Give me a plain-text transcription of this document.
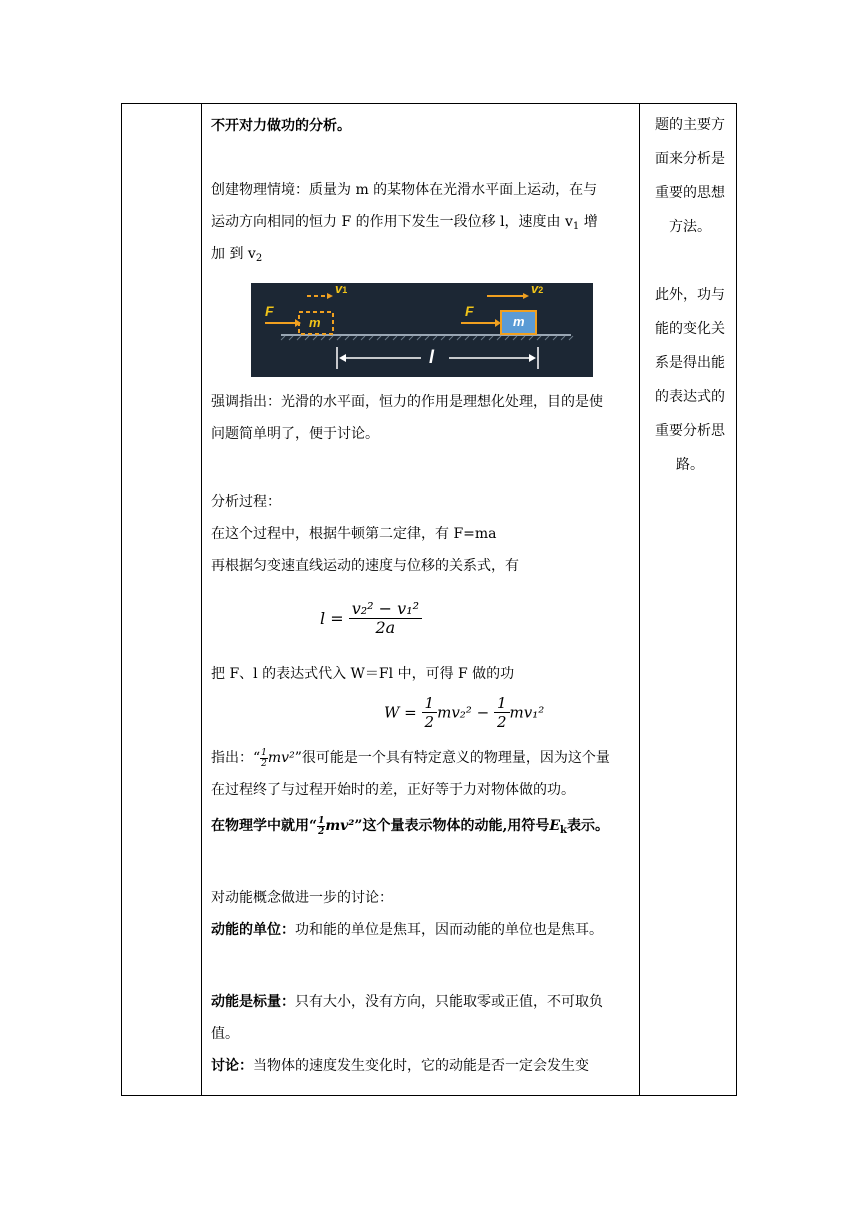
不开对力做功的分析。
创建物理情境：质量为 m 的某物体在光滑水平面上运动，在与
运动方向相同的恒力 F 的作用下发生一段位移 l，速度由 $v_1$ 增
加 到 $v_2$
F
m
v1
F
m
v2
l
强调指出：光滑的水平面，恒力的作用是理想化处理，目的是使
问题简单明了，便于讨论。
分析过程：
在这个过程中，根据牛顿第二定律，有 F=ma
再根据匀变速直线运动的速度与位移的关系式，有
$l = \frac{\text{v₂² − v₁²}}{2a}$
把 F、l 的表达式代入 W＝Fl 中，可得 F 做的功
$W = \frac{1}{2} mv_2^2 - \frac{1}{2} mv_1^2$
指出：“ $\frac{1}{2} mv^2$”很可能是一个具有特定意义的物理量，因为这个量
在过程终了与过程开始时的差，正好等于力对物体做的功。
在物理学中就用“ $\frac{1}{2} mv^2$”这个量表示物体的动能,用符号$E_k$表示。
对动能概念做进一步的讨论：
动能的单位：功和能的单位是焦耳，因而动能的单位也是焦耳。
动能是标量：只有大小，没有方向，只能取零或正值，不可取负
值。
讨论：当物体的速度发生变化时，它的动能是否一定会发生变
题的主要方
面来分析是
重要的思想
方法。
此外，功与
能的变化关
系是得出能
的表达式的
重要分析思
路。
